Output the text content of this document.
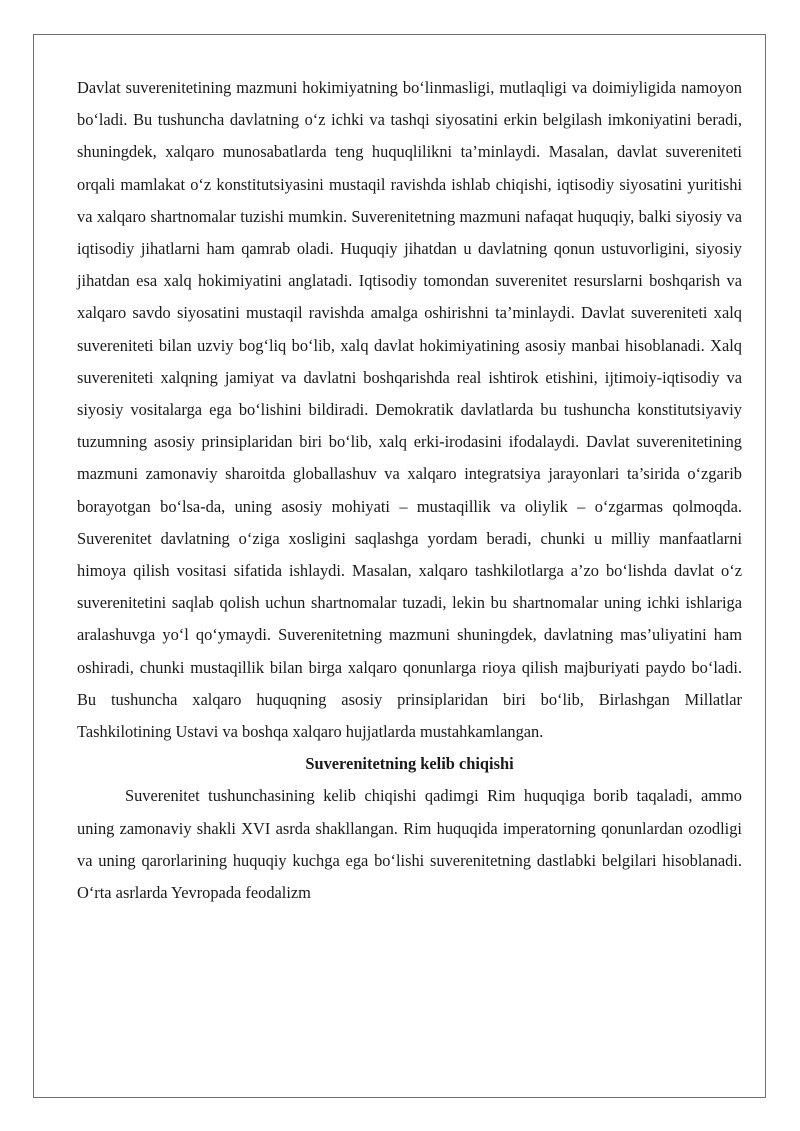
Davlat suverenitetining mazmuni hokimiyatning bo‘linmasligi, mutlaqligi va doimiyligida namoyon bo‘ladi. Bu tushuncha davlatning o‘z ichki va tashqi siyosatini erkin belgilash imkoniyatini beradi, shuningdek, xalqaro munosabatlarda teng huquqlilikni ta’minlaydi. Masalan, davlat suvereniteti orqali mamlakat o‘z konstitutsiyasini mustaqil ravishda ishlab chiqishi, iqtisodiy siyosatini yuritishi va xalqaro shartnomalar tuzishi mumkin. Suverenitetning mazmuni nafaqat huquqiy, balki siyosiy va iqtisodiy jihatlarni ham qamrab oladi. Huquqiy jihatdan u davlatning qonun ustuvorligini, siyosiy jihatdan esa xalq hokimiyatini anglatadi. Iqtisodiy tomondan suverenitet resurslarni boshqarish va xalqaro savdo siyosatini mustaqil ravishda amalga oshirishni ta’minlaydi. Davlat suvereniteti xalq suvereniteti bilan uzviy bog‘liq bo‘lib, xalq davlat hokimiyatining asosiy manbai hisoblanadi. Xalq suvereniteti xalqning jamiyat va davlatni boshqarishda real ishtirok etishini, ijtimoiy-iqtisodiy va siyosiy vositalarga ega bo‘lishini bildiradi. Demokratik davlatlarda bu tushuncha konstitutsiyaviy tuzumning asosiy prinsiplaridan biri bo‘lib, xalq erki-irodasini ifodalaydi. Davlat suverenitetining mazmuni zamonaviy sharoitda globallashuv va xalqaro integratsiya jarayonlari ta’sirida o‘zgarib borayotgan bo‘lsa-da, uning asosiy mohiyati – mustaqillik va oliylik – o‘zgarmas qolmoqda. Suverenitet davlatning o‘ziga xosligini saqlashga yordam beradi, chunki u milliy manfaatlarni himoya qilish vositasi sifatida ishlaydi. Masalan, xalqaro tashkilotlarga a’zo bo‘lishda davlat o‘z suverenitetini saqlab qolish uchun shartnomalar tuzadi, lekin bu shartnomalar uning ichki ishlariga aralashuvga yo‘l qo‘ymaydi. Suverenitetning mazmuni shuningdek, davlatning mas’uliyatini ham oshiradi, chunki mustaqillik bilan birga xalqaro qonunlarga rioya qilish majburiyati paydo bo‘ladi. Bu tushuncha xalqaro huquqning asosiy prinsiplaridan biri bo‘lib, Birlashgan Millatlar Tashkilotining Ustavi va boshqa xalqaro hujjatlarda mustahkamlangan.

Suverenitetning kelib chiqishi

Suverenitet tushunchasining kelib chiqishi qadimgi Rim huquqiga borib taqaladi, ammo uning zamonaviy shakli XVI asrda shakllangan. Rim huquqida imperatorning qonunlardan ozodligi va uning qarorlarining huquqiy kuchga ega bo‘lishi suverenitetning dastlabki belgilari hisoblanadi. O‘rta asrlarda Yevropada feodalizm
